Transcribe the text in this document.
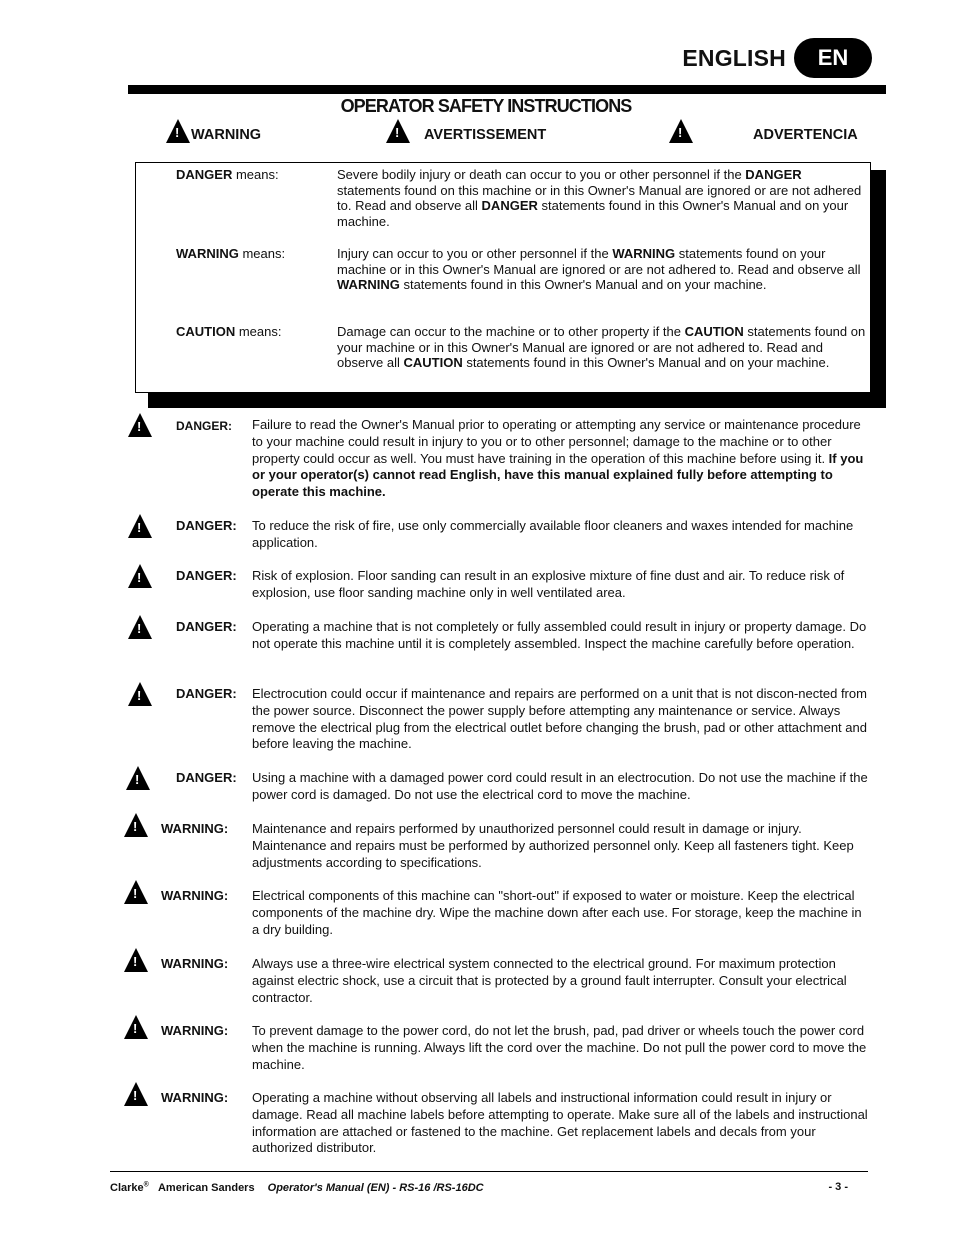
ENGLISH	EN
OPERATOR SAFETY INSTRUCTIONS
!
WARNING !	AVERTISSEMENT !	ADVERTENCIA
DANGER means:	Severe bodily injury or death can occur to you or other personnel if the DANGER statements found on this machine or in this Owner's Manual are ignored or are not adhered to. Read and observe all DANGER statements found in this Owner's Manual and on your machine.
WARNING means:	Injury can occur to you or other personnel if the WARNING statements found on your machine or in this Owner's Manual are ignored or are not adhered to. Read and observe all WARNING statements found in this Owner's Manual and on your machine.
CAUTION means:	Damage can occur to the machine or to other property if the CAUTION statements found on your machine or in this Owner's Manual are ignored or are not adhered to. Read and observe all CAUTION statements found in this Owner's Manual and on your machine.
!
DANGER: Failure to read the Owner's Manual prior to operating or attempting any service or maintenance procedure to your machine could result in injury to you or to other personnel; damage to the machine or to other property could occur as well. You must have training in the operation of this machine before using it. If you or your operator(s) cannot read English, have this manual explained fully before attempting to operate this machine.
!
DANGER: To reduce the risk of fire, use only commercially available floor cleaners and waxes intended for machine application.
!
DANGER: Risk of explosion. Floor sanding can result in an explosive mixture of fine dust and air. To reduce risk of explosion, use floor sanding machine only in well ventilated area.
!
DANGER: Operating a machine that is not completely or fully assembled could result in injury or property damage. Do not operate this machine until it is completely assembled. Inspect the machine carefully before operation.
!
DANGER: Electrocution could occur if maintenance and repairs are performed on a unit that is not discon-nected from the power source. Disconnect the power supply before attempting any maintenance or service. Always remove the electrical plug from the electrical outlet before changing the brush, pad or other attachment and before leaving the machine.
!
DANGER: Using a machine with a damaged power cord could result in an electrocution. Do not use the machine if the power cord is damaged. Do not use the electrical cord to move the machine.
!
WARNING: Maintenance and repairs performed by unauthorized personnel could result in damage or injury. Maintenance and repairs must be performed by authorized personnel only. Keep all fasteners tight. Keep adjustments according to specifications.
!
WARNING: Electrical components of this machine can "short-out" if exposed to water or moisture. Keep the electrical components of the machine dry. Wipe the machine down after each use. For storage, keep the machine in a dry building.
!
WARNING: Always use a three-wire electrical system connected to the electrical ground. For maximum protection against electric shock, use a circuit that is protected by a ground fault interrupter. Consult your electrical contractor.
!
WARNING: To prevent damage to the power cord, do not let the brush, pad, pad driver or wheels touch the power cord when the machine is running. Always lift the cord over the machine. Do not pull the power cord to move the machine.
!
WARNING: Operating a machine without observing all labels and instructional information could result in injury or damage. Read all machine labels before attempting to operate. Make sure all of the labels and instructional information are attached or fastened to the machine. Get replacement labels and decals from your authorized distributor.
Clarke® American Sanders Operator's Manual (EN) - RS-16 /RS-16DC	- 3 -
